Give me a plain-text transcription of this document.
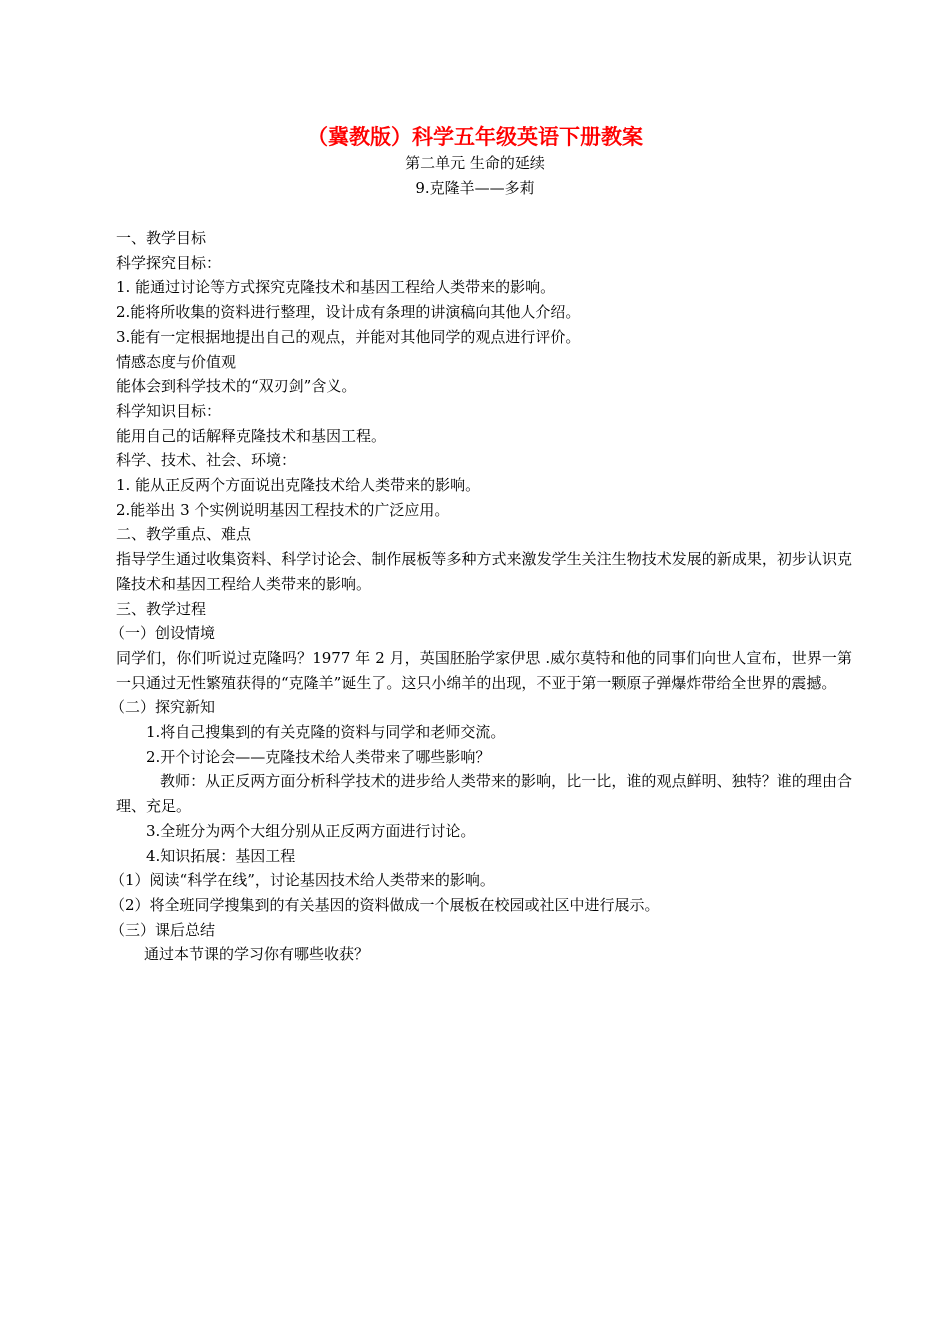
（冀教版）科学五年级英语下册教案
第二单元 生命的延续
9.克隆羊——多莉
一、教学目标
科学探究目标：
1. 能通过讨论等方式探究克隆技术和基因工程给人类带来的影响。
2.能将所收集的资料进行整理，设计成有条理的讲演稿向其他人介绍。
3.能有一定根据地提出自己的观点，并能对其他同学的观点进行评价。
情感态度与价值观
能体会到科学技术的“双刃剑”含义。
科学知识目标：
能用自己的话解释克隆技术和基因工程。
科学、技术、社会、环境：
1. 能从正反两个方面说出克隆技术给人类带来的影响。
2.能举出 3 个实例说明基因工程技术的广泛应用。
二、教学重点、难点
指导学生通过收集资料、科学讨论会、制作展板等多种方式来激发学生关注生物技术发展的新成果，初步认识克隆技术和基因工程给人类带来的影响。
三、教学过程
（一）创设情境
同学们，你们听说过克隆吗？1977 年 2 月，英国胚胎学家伊思 .威尔莫特和他的同事们向世人宣布，世界一第一只通过无性繁殖获得的“克隆羊”诞生了。这只小绵羊的出现，不亚于第一颗原子弹爆炸带给全世界的震撼。
（二）探究新知
1.将自己搜集到的有关克隆的资料与同学和老师交流。
2.开个讨论会——克隆技术给人类带来了哪些影响？
教师：从正反两方面分析科学技术的进步给人类带来的影响，比一比，谁的观点鲜明、独特？谁的理由合理、充足。
3.全班分为两个大组分别从正反两方面进行讨论。
4.知识拓展：基因工程
（1）阅读“科学在线”，讨论基因技术给人类带来的影响。
（2）将全班同学搜集到的有关基因的资料做成一个展板在校园或社区中进行展示。
（三）课后总结
通过本节课的学习你有哪些收获？
